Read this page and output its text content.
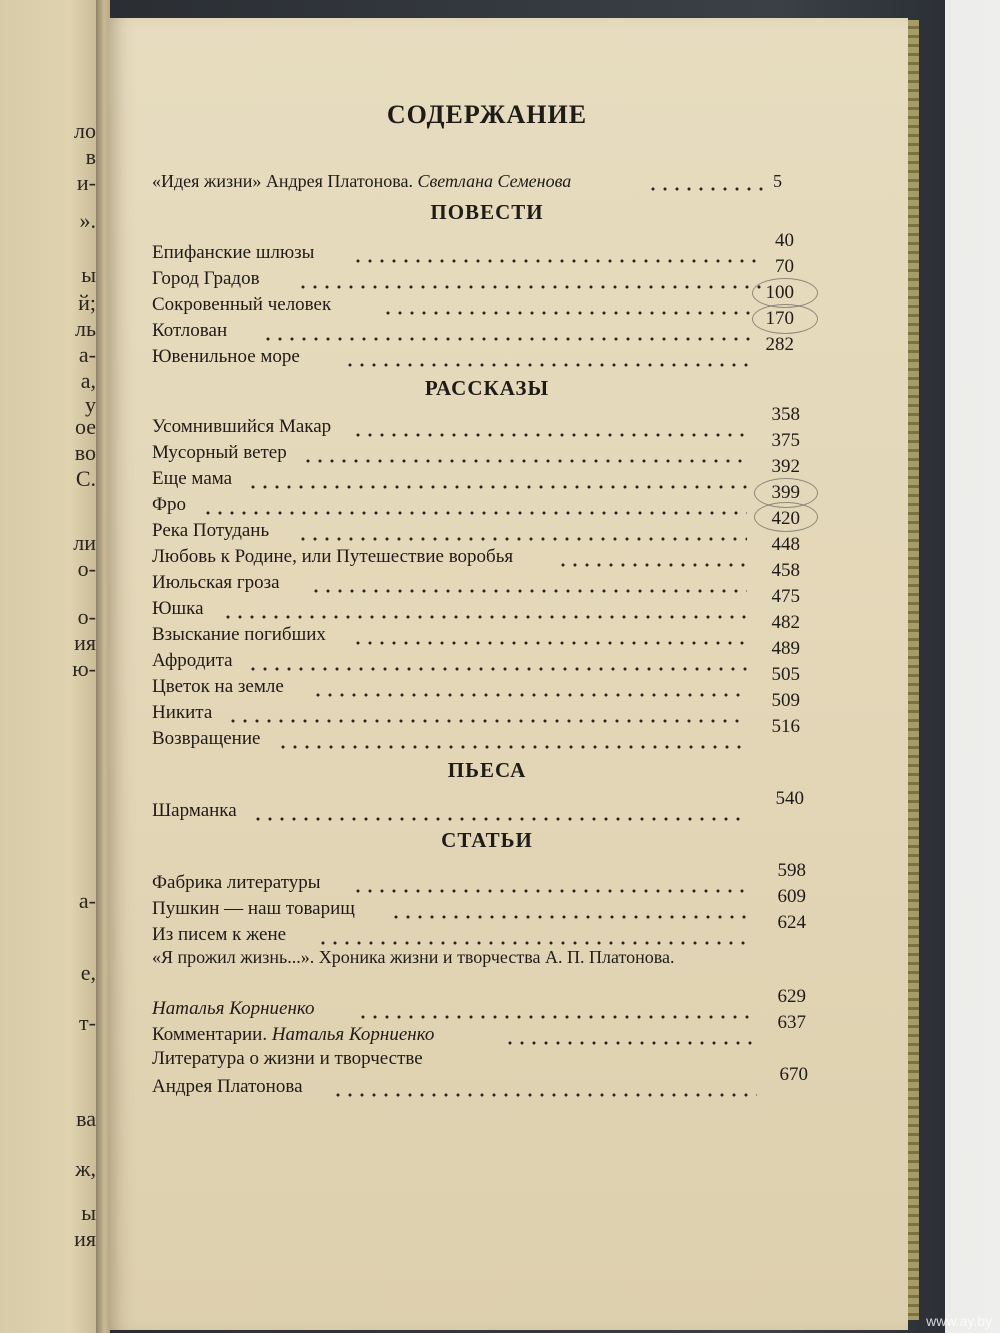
ло
в
и-
».
ы
й;
ль
а-
а,
у
ое
во
С.
ли
о-
о-
ия
ю-
а-
е,
т-
ва
ж,
ы
ия
СОДЕРЖАНИЕ
«Идея жизни» Андрея Платонова. Светлана Семенова	5
ПОВЕСТИ
Епифанские шлюзы
40
Город Градов
70
Сокровенный человек
100
Котлован
170
Ювенильное море
282
РАССКАЗЫ
Усомнившийся Макар
358
Мусорный ветер
375
Еще мама
392
Фро
399
Река Потудань
420
Любовь к Родине, или Путешествие воробья
448
Июльская гроза
458
Юшка
475
Взыскание погибших
482
Афродита
489
Цветок на земле
505
Никита
509
Возвращение
516
ПЬЕСА
Шарманка
540
СТАТЬИ
Фабрика литературы
598
Пушкин — наш товарищ
609
Из писем к жене
624
«Я прожил жизнь...». Хроника жизни и творчества А. П. Платонова.
Наталья Корниенко
629
Комментарии. Наталья Корниенко
637
Литература о жизни и творчестве
Андрея Платонова
670
www.ay.by
